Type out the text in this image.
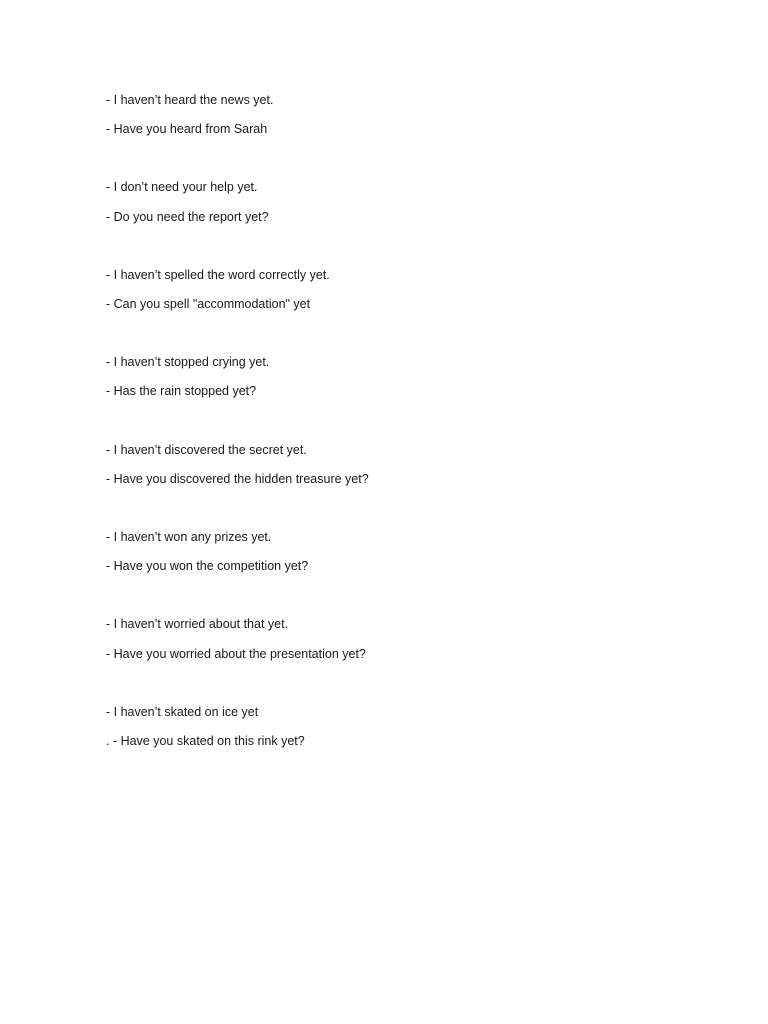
- I haven’t heard the news yet.
- Have you heard from Sarah
- I don’t need your help yet.
- Do you need the report yet?
- I haven’t spelled the word correctly yet.
- Can you spell "accommodation" yet
- I haven’t stopped crying yet.
- Has the rain stopped yet?
- I haven’t discovered the secret yet.
- Have you discovered the hidden treasure yet?
- I haven’t won any prizes yet.
- Have you won the competition yet?
- I haven’t worried about that yet.
- Have you worried about the presentation yet?
- I haven’t skated on ice yet
. - Have you skated on this rink yet?
